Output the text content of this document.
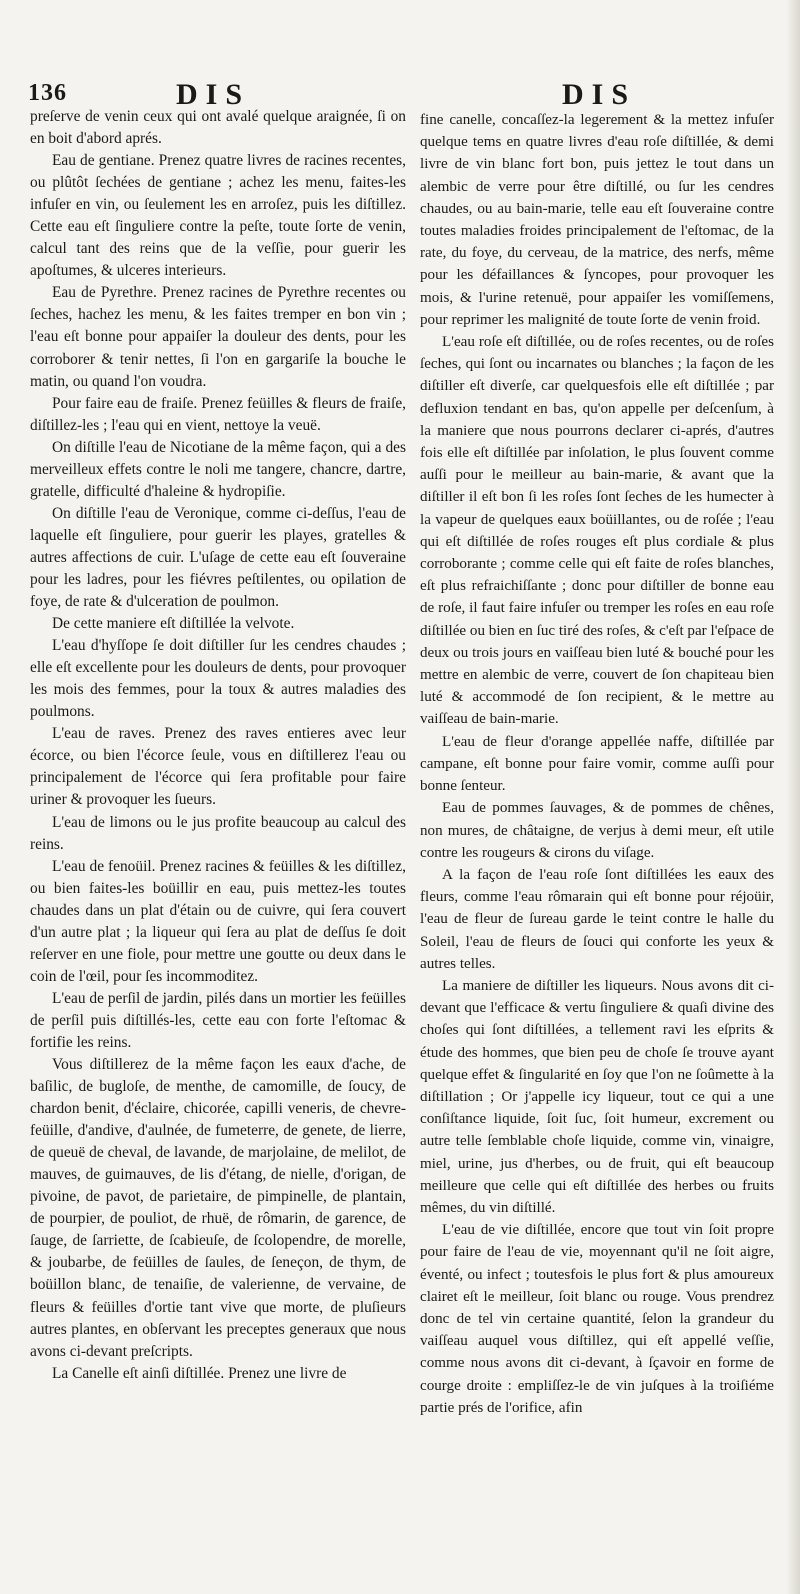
136	DIS	DIS

preſerve de venin ceux qui ont avalé quelque araignée, ſi on en boit d'abord aprés.

Eau de gentiane. Prenez quatre livres de racines recentes, ou plûtôt ſechées de gentiane ; achez les menu, faites-les infuſer en vin, ou ſeulement les en arroſez, puis les diſtillez. Cette eau eſt ſinguliere contre la peſte, toute ſorte de venin, calcul tant des reins que de la veſſie, pour guerir les apoſtumes, & ulceres interieurs.

Eau de Pyrethre. Prenez racines de Pyrethre recentes ou ſeches, hachez les menu, & les faites tremper en bon vin ; l'eau eſt bonne pour appaiſer la douleur des dents, pour les corroborer & tenir nettes, ſi l'on en gargariſe la bouche le matin, ou quand l'on voudra.

Pour faire eau de fraiſe. Prenez feüilles & fleurs de fraiſe, diſtillez-les ; l'eau qui en vient, nettoye la veuë.

On diſtille l'eau de Nicotiane de la même façon, qui a des merveilleux effets contre le noli me tangere, chancre, dartre, gratelle, difficulté d'haleine & hydropiſie.

On diſtille l'eau de Veronique, comme ci-deſſus, l'eau de laquelle eſt ſinguliere, pour guerir les playes, gratelles & autres affections de cuir. L'uſage de cette eau eſt ſouveraine pour les ladres, pour les fiévres peſtilentes, ou opilation de foye, de rate & d'ulceration de poulmon.

De cette maniere eſt diſtillée la velvote.

L'eau d'hyſſope ſe doit diſtiller ſur les cendres chaudes ; elle eſt excellente pour les douleurs de dents, pour provoquer les mois des femmes, pour la toux & autres maladies des poulmons.

L'eau de raves. Prenez des raves entieres avec leur écorce, ou bien l'écorce ſeule, vous en diſtillerez l'eau ou principalement de l'écorce qui ſera profitable pour faire uriner & provoquer les ſueurs.

L'eau de limons ou le jus profite beaucoup au calcul des reins.

L'eau de fenoüil. Prenez racines & feüilles & les diſtillez, ou bien faites-les boüillir en eau, puis mettez-les toutes chaudes dans un plat d'étain ou de cuivre, qui ſera couvert d'un autre plat ; la liqueur qui ſera au plat de deſſus ſe doit reſerver en une fiole, pour mettre une goutte ou deux dans le coin de l'œil, pour ſes incommoditez.

L'eau de perſil de jardin, pilés dans un mortier les feüilles de perſil puis diſtillés-les, cette eau con forte l'eſtomac & fortifie les reins.

Vous diſtillerez de la même façon les eaux d'ache, de baſilic, de bugloſe, de menthe, de camomille, de ſoucy, de chardon benit, d'éclaire, chicorée, capilli veneris, de chevre-feüille, d'andive, d'aulnée, de fumeterre, de genete, de lierre, de queuë de cheval, de lavande, de marjolaine, de melilot, de mauves, de guimauves, de lis d'étang, de nielle, d'origan, de pivoine, de pavot, de parietaire, de pimpinelle, de plantain, de pourpier, de pouliot, de rhuë, de rômarin, de garence, de ſauge, de ſarriette, de ſcabieuſe, de ſcolopendre, de morelle, & joubarbe, de feüilles de ſaules, de ſeneçon, de thym, de boüillon blanc, de tenaiſie, de valerienne, de vervaine, de fleurs & feüilles d'ortie tant vive que morte, de pluſieurs autres plantes, en obſervant les preceptes generaux que nous avons ci-devant preſcripts.

La Canelle eſt ainſi diſtillée. Prenez une livre de

fine canelle, concaſſez-la legerement & la mettez infuſer quelque tems en quatre livres d'eau roſe diſtillée, & demi livre de vin blanc fort bon, puis jettez le tout dans un alembic de verre pour être diſtillé, ou ſur les cendres chaudes, ou au bain-marie, telle eau eſt ſouveraine contre toutes maladies froides principalement de l'eſtomac, de la rate, du foye, du cerveau, de la matrice, des nerfs, même pour les défaillances & ſyncopes, pour provoquer les mois, & l'urine retenuë, pour appaiſer les vomiſſemens, pour reprimer les malignité de toute ſorte de venin froid.

L'eau roſe eſt diſtillée, ou de roſes recentes, ou de roſes ſeches, qui ſont ou incarnates ou blanches ; la façon de les diſtiller eſt diverſe, car quelquesfois elle eſt diſtillée ; par defluxion tendant en bas, qu'on appelle per deſcenſum, à la maniere que nous pourrons declarer ci-aprés, d'autres fois elle eſt diſtillée par inſolation, le plus ſouvent comme auſſi pour le meilleur au bain-marie, & avant que la diſtiller il eſt bon ſi les roſes ſont ſeches de les humecter à la vapeur de quelques eaux boüillantes, ou de roſée ; l'eau qui eſt diſtillée de roſes rouges eſt plus cordiale & plus corroborante ; comme celle qui eſt faite de roſes blanches, eſt plus refraichiſſante ; donc pour diſtiller de bonne eau de roſe, il faut faire infuſer ou tremper les roſes en eau roſe diſtillée ou bien en ſuc tiré des roſes, & c'eſt par l'eſpace de deux ou trois jours en vaiſſeau bien luté & bouché pour les mettre en alembic de verre, couvert de ſon chapiteau bien luté & accommodé de ſon recipient, & le mettre au vaiſſeau de bain-marie.

L'eau de fleur d'orange appellée naffe, diſtillée par campane, eſt bonne pour faire vomir, comme auſſi pour bonne ſenteur.

Eau de pommes ſauvages, & de pommes de chênes, non mures, de châtaigne, de verjus à demi meur, eſt utile contre les rougeurs & cirons du viſage.

A la façon de l'eau roſe ſont diſtillées les eaux des fleurs, comme l'eau rômarain qui eſt bonne pour réjoüir, l'eau de fleur de ſureau garde le teint contre le halle du Soleil, l'eau de fleurs de ſouci qui conforte les yeux & autres telles.

La maniere de diſtiller les liqueurs. Nous avons dit ci-devant que l'efficace & vertu ſinguliere & quaſi divine des choſes qui ſont diſtillées, a tellement ravi les eſprits & étude des hommes, que bien peu de choſe ſe trouve ayant quelque effet & ſingularité en ſoy que l'on ne ſoûmette à la diſtillation ; Or j'appelle icy liqueur, tout ce qui a une conſiſtance liquide, ſoit ſuc, ſoit humeur, excrement ou autre telle ſemblable choſe liquide, comme vin, vinaigre, miel, urine, jus d'herbes, ou de fruit, qui eſt beaucoup meilleure que celle qui eſt diſtillée des herbes ou fruits mêmes, du vin diſtillé.

L'eau de vie diſtillée, encore que tout vin ſoit propre pour faire de l'eau de vie, moyennant qu'il ne ſoit aigre, éventé, ou infect ; toutesfois le plus fort & plus amoureux clairet eſt le meilleur, ſoit blanc ou rouge. Vous prendrez donc de tel vin certaine quantité, ſelon la grandeur du vaiſſeau auquel vous diſtillez, qui eſt appellé veſſie, comme nous avons dit ci-devant, à ſçavoir en forme de courge droite : empliſſez-le de vin juſques à la troiſiéme partie prés de l'orifice, afin
